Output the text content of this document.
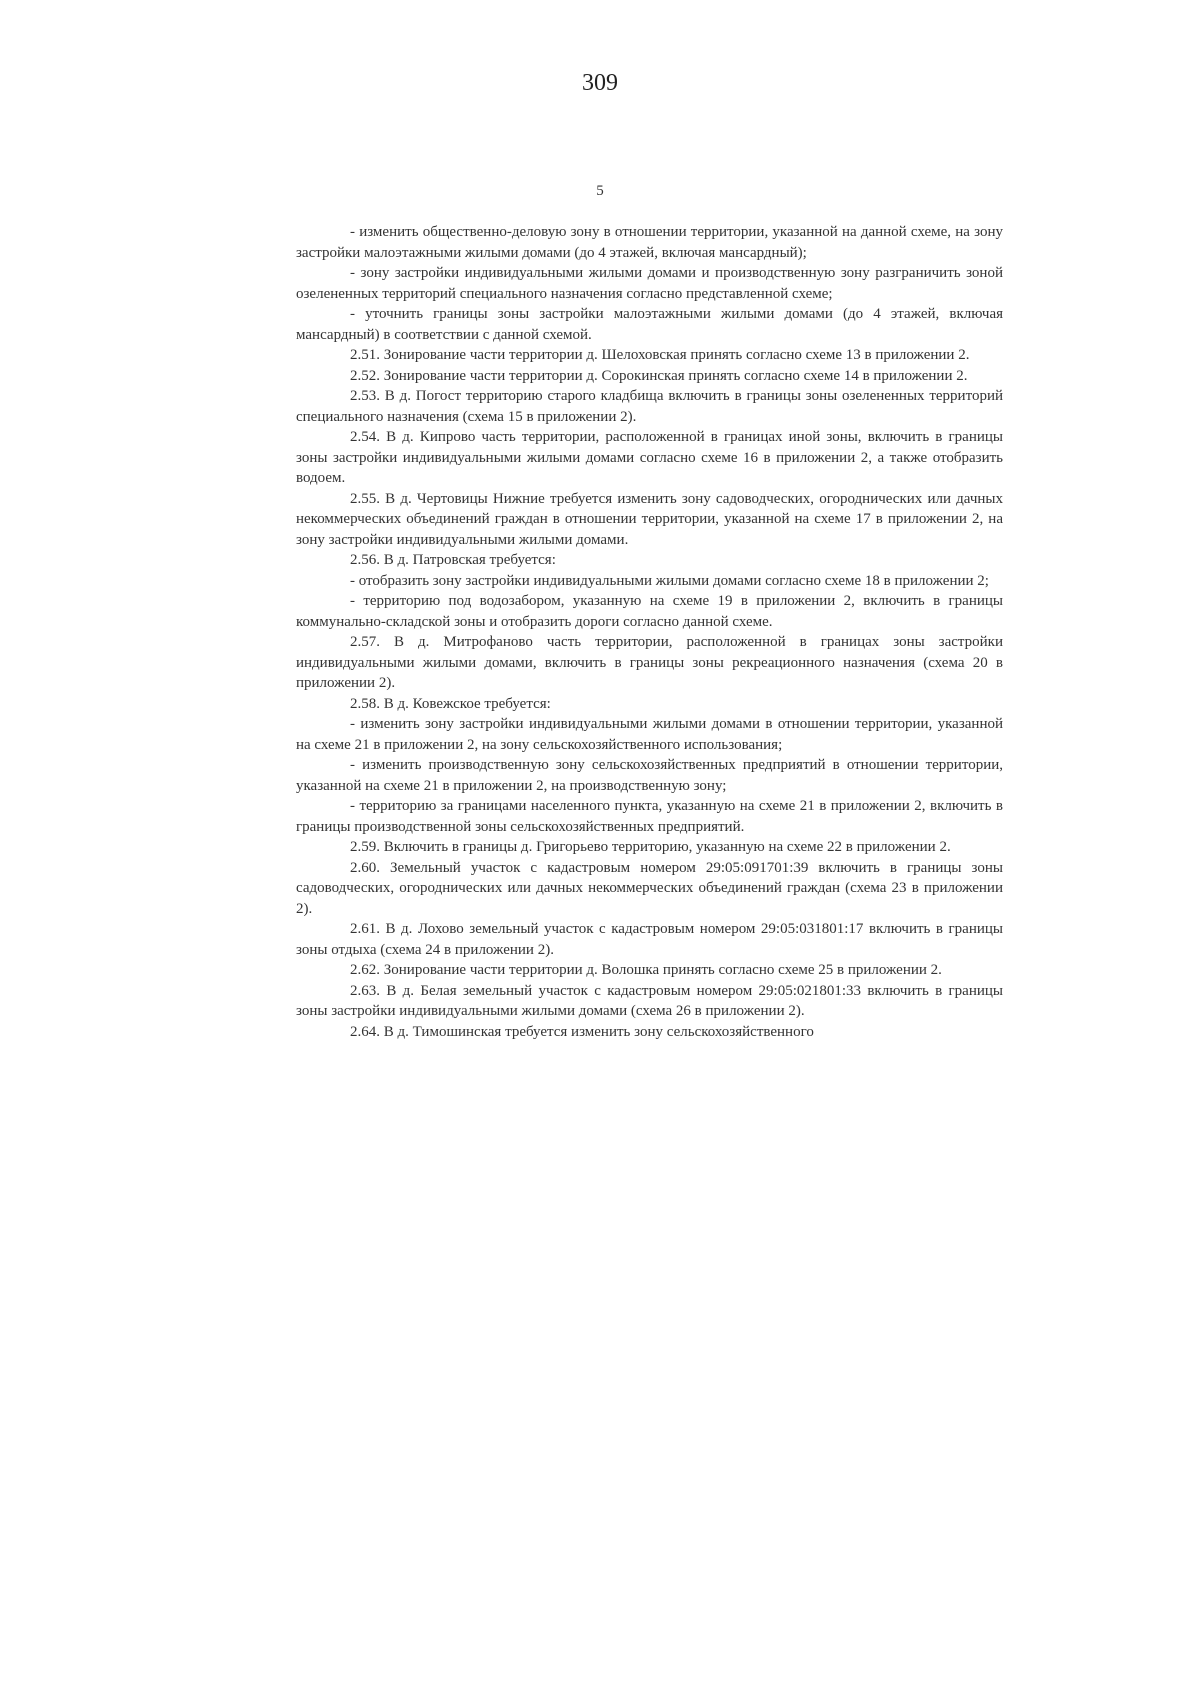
309
5

- изменить общественно-деловую зону в отношении территории, указанной на данной схеме, на зону застройки малоэтажными жилыми домами (до 4 этажей, включая мансардный);

- зону застройки индивидуальными жилыми домами и производственную зону разграничить зоной озелененных территорий специального назначения согласно представленной схеме;

- уточнить границы зоны застройки малоэтажными жилыми домами (до 4 этажей, включая мансардный) в соответствии с данной схемой.

2.51. Зонирование части территории д. Шелоховская принять согласно схеме 13 в приложении 2.

2.52. Зонирование части территории д. Сорокинская принять согласно схеме 14 в приложении 2.

2.53. В д. Погост территорию старого кладбища включить в границы зоны озелененных территорий специального назначения (схема 15 в приложении 2).

2.54. В д. Кипрово часть территории, расположенной в границах иной зоны, включить в границы зоны застройки индивидуальными жилыми домами согласно схеме 16 в приложении 2, а также отобразить водоем.

2.55. В д. Чертовицы Нижние требуется изменить зону садоводческих, огороднических или дачных некоммерческих объединений граждан в отношении территории, указанной на схеме 17 в приложении 2, на зону застройки индивидуальными жилыми домами.

2.56. В д. Патровская требуется:

- отобразить зону застройки индивидуальными жилыми домами согласно схеме 18 в приложении 2;

- территорию под водозабором, указанную на схеме 19 в приложении 2, включить в границы коммунально-складской зоны и отобразить дороги согласно данной схеме.

2.57. В д. Митрофаново часть территории, расположенной в границах зоны застройки индивидуальными жилыми домами, включить в границы зоны рекреационного назначения (схема 20 в приложении 2).

2.58. В д. Ковежское требуется:

- изменить зону застройки индивидуальными жилыми домами в отношении территории, указанной на схеме 21 в приложении 2, на зону сельскохозяйственного использования;

- изменить производственную зону сельскохозяйственных предприятий в отношении территории, указанной на схеме 21 в приложении 2, на производственную зону;

- территорию за границами населенного пункта, указанную на схеме 21 в приложении 2, включить в границы производственной зоны сельскохозяйственных предприятий.

2.59. Включить в границы д. Григорьево территорию, указанную на схеме 22 в приложении 2.

2.60. Земельный участок с кадастровым номером 29:05:091701:39 включить в границы зоны садоводческих, огороднических или дачных некоммерческих объединений граждан (схема 23 в приложении 2).

2.61. В д. Лохово земельный участок с кадастровым номером 29:05:031801:17 включить в границы зоны отдыха (схема 24 в приложении 2).

2.62. Зонирование части территории д. Волошка принять согласно схеме 25 в приложении 2.

2.63. В д. Белая земельный участок с кадастровым номером 29:05:021801:33 включить в границы зоны застройки индивидуальными жилыми домами (схема 26 в приложении 2).

2.64. В д. Тимошинская требуется изменить зону сельскохозяйственного
